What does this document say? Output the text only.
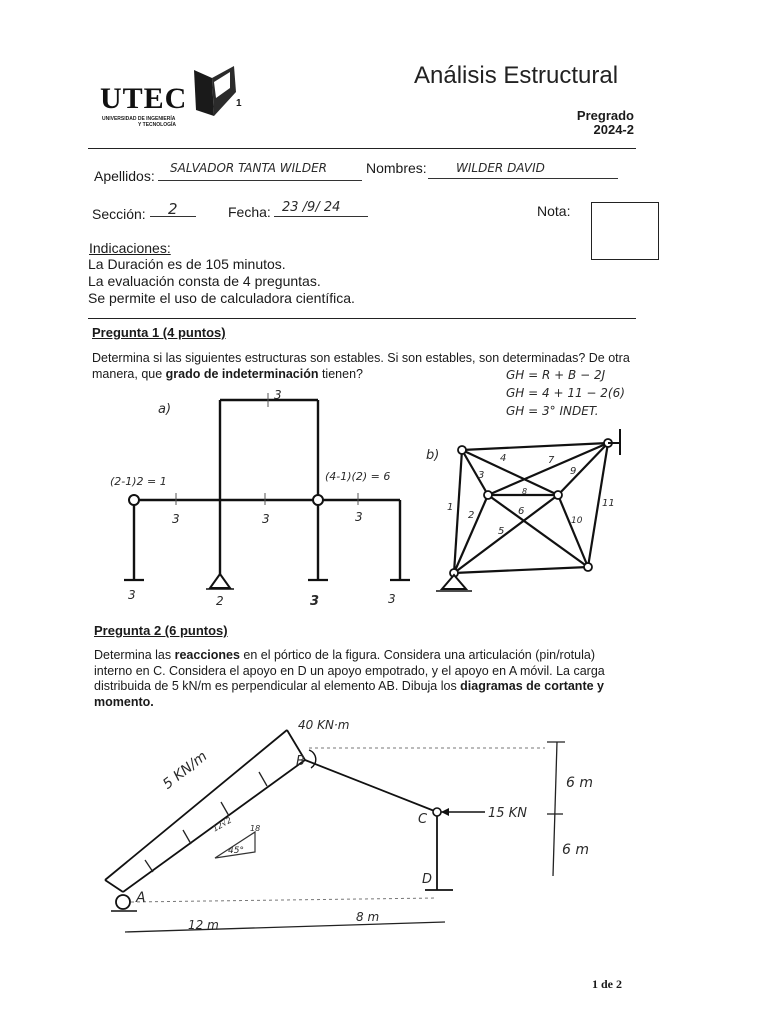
UTEC
UNIVERSIDAD DE INGENIERÍA
Y TECNOLOGÍA
1
Análisis Estructural
Pregrado
2024-2
Apellidos: SALVADOR TANTA WILDER	Nombres: WILDER DAVID
Sección: 2	Fecha: 23 /9/ 24	Nota:
Indicaciones:
La Duración es de 105 minutos.
La evaluación consta de 4 preguntas.
Se permite el uso de calculadora científica.
Pregunta 1 (4 puntos)
Determina si las siguientes estructuras son estables. Si son estables, son determinadas? De otra manera, que grado de indeterminación tienen?	GH = R + B − 2J
GH = 4 + 11 − 2(6)
GH = 3° INDET.
a)
(2-1)2 = 1	(4-1)(2) = 6
3
3	3	3
3	2	3	3
b)
1
2
3
4
5
6
7
8
9
10
11
Pregunta 2 (6 puntos)
Determina las reacciones en el pórtico de la figura. Considera una articulación (pin/rotula) interno en C. Considera el apoyo en D un apoyo empotrado, y el apoyo en A móvil. La carga distribuida de 5 kN/m es perpendicular al elemento AB. Dibuja los diagramas de cortante y momento.
40 KN·m
5 KN/m
15 KN
12√2 18
45°
A
B
C
D
12 m
8 m
6 m
6 m
1 de 2
